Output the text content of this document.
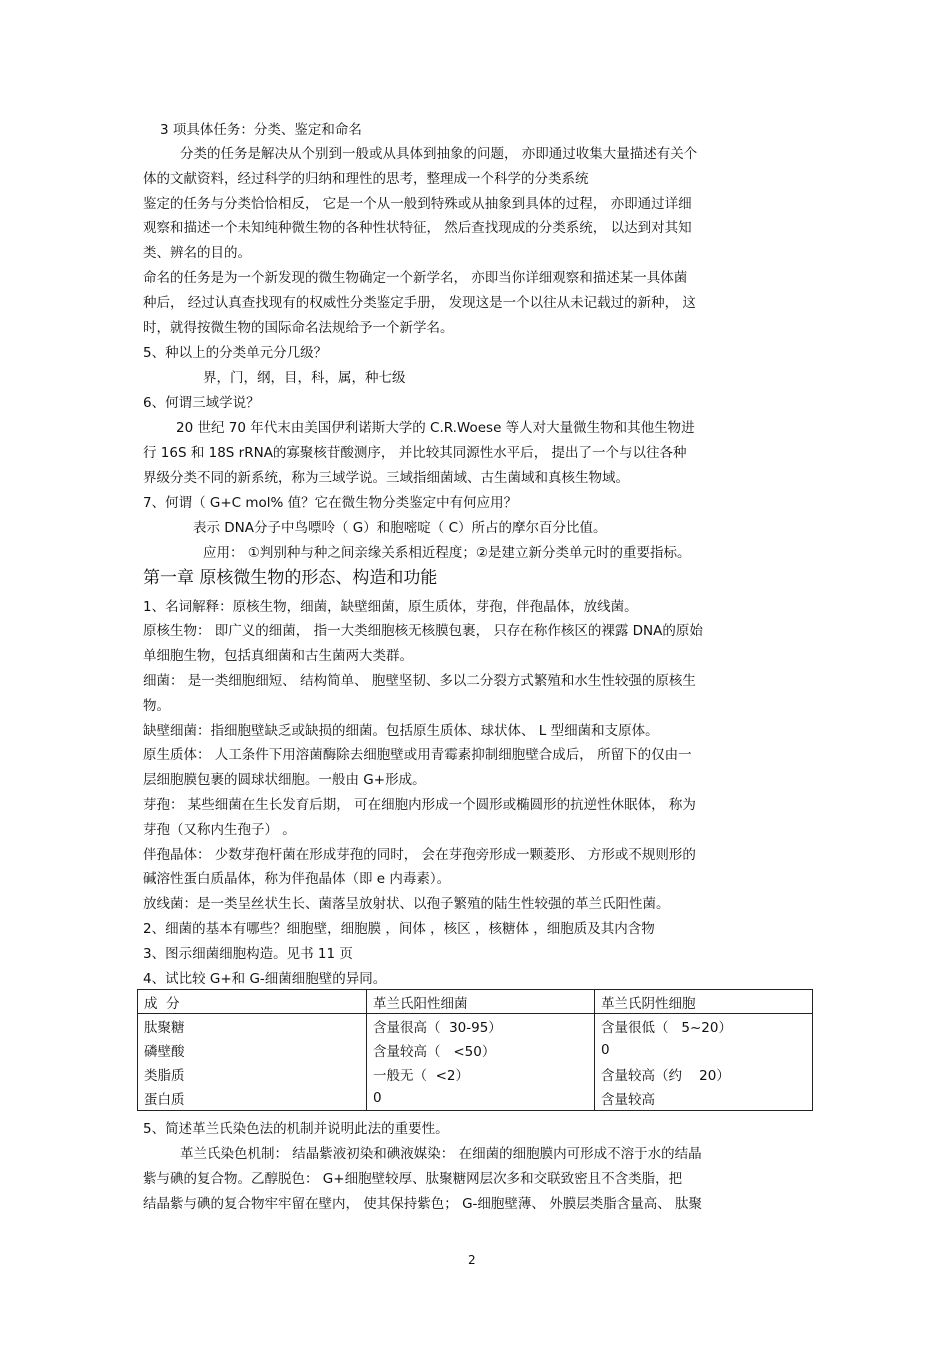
3 项具体任务：分类、鉴定和命名
分类的任务是解决从个别到一般或从具体到抽象的问题， 亦即通过收集大量描述有关个
体的文献资料，经过科学的归纳和理性的思考，整理成一个科学的分类系统
鉴定的任务与分类恰恰相反， 它是一个从一般到特殊或从抽象到具体的过程， 亦即通过详细
观察和描述一个未知纯种微生物的各种性状特征， 然后查找现成的分类系统， 以达到对其知
类、辨名的目的。
命名的任务是为一个新发现的微生物确定一个新学名， 亦即当你详细观察和描述某一具体菌
种后， 经过认真查找现有的权威性分类鉴定手册， 发现这是一个以往从未记载过的新种， 这
时，就得按微生物的国际命名法规给予一个新学名。
5、种以上的分类单元分几级？
界，门，纲，目，科，属，种七级
6、何谓三域学说？
20 世纪 70 年代末由美国伊利诺斯大学的 C.R.Woese 等人对大量微生物和其他生物进
行 16S 和 18S rRNA的寡聚核苷酸测序， 并比较其同源性水平后， 提出了一个与以往各种
界级分类不同的新系统，称为三域学说。三域指细菌域、古生菌域和真核生物域。
7、何谓（ G+C mol% 值？它在微生物分类鉴定中有何应用？
表示 DNA分子中鸟嘌呤（ G）和胞嘧啶（ C）所占的摩尔百分比值。
应用： ①判别种与种之间亲缘关系相近程度；②是建立新分类单元时的重要指标。
1、名词解释：原核生物，细菌，缺壁细菌，原生质体，芽孢，伴孢晶体，放线菌。
原核生物： 即广义的细菌， 指一大类细胞核无核膜包裹， 只存在称作核区的裸露 DNA的原始
单细胞生物，包括真细菌和古生菌两大类群。
细菌： 是一类细胞细短、 结构简单、 胞壁坚韧、多以二分裂方式繁殖和水生性较强的原核生
物。
缺壁细菌：指细胞壁缺乏或缺损的细菌。包括原生质体、球状体、 L 型细菌和支原体。
原生质体： 人工条件下用溶菌酶除去细胞壁或用青霉素抑制细胞壁合成后， 所留下的仅由一
层细胞膜包裹的圆球状细胞。一般由 G+形成。
芽孢： 某些细菌在生长发育后期， 可在细胞内形成一个圆形或椭圆形的抗逆性休眠体， 称为
芽孢（又称内生孢子） 。
伴孢晶体： 少数芽孢杆菌在形成芽孢的同时， 会在芽孢旁形成一颗菱形、 方形或不规则形的
碱溶性蛋白质晶体，称为伴孢晶体（即 e 内毒素）。
放线菌：是一类呈丝状生长、菌落呈放射状、以孢子繁殖的陆生性较强的革兰氏阳性菌。
2、细菌的基本有哪些？细胞壁，细胞膜 ，间体 ，核区 ，核糖体 ，细胞质及其内含物
3、图示细菌细胞构造。见书 11 页
4、试比较 G+和 G-细菌细胞壁的异同。
5、简述革兰氏染色法的机制并说明此法的重要性。
革兰氏染色机制： 结晶紫液初染和碘液媒染： 在细菌的细胞膜内可形成不溶于水的结晶
紫与碘的复合物。乙醇脱色： G+细胞壁较厚、肽聚糖网层次多和交联致密且不含类脂，把
结晶紫与碘的复合物牢牢留在壁内， 使其保持紫色； G-细胞壁薄、 外膜层类脂含量高、 肽聚
第一章 原核微生物的形态、构造和功能
成  分	革兰氏阳性细菌	革兰氏阴性细胞
肽聚糖	含量很高（  30-95）	含量很低（   5~20）
磷壁酸	含量较高（   <50）	0
类脂质	一般无（  <2）	含量较高（约    20）
蛋白质	0	含量较高
2
